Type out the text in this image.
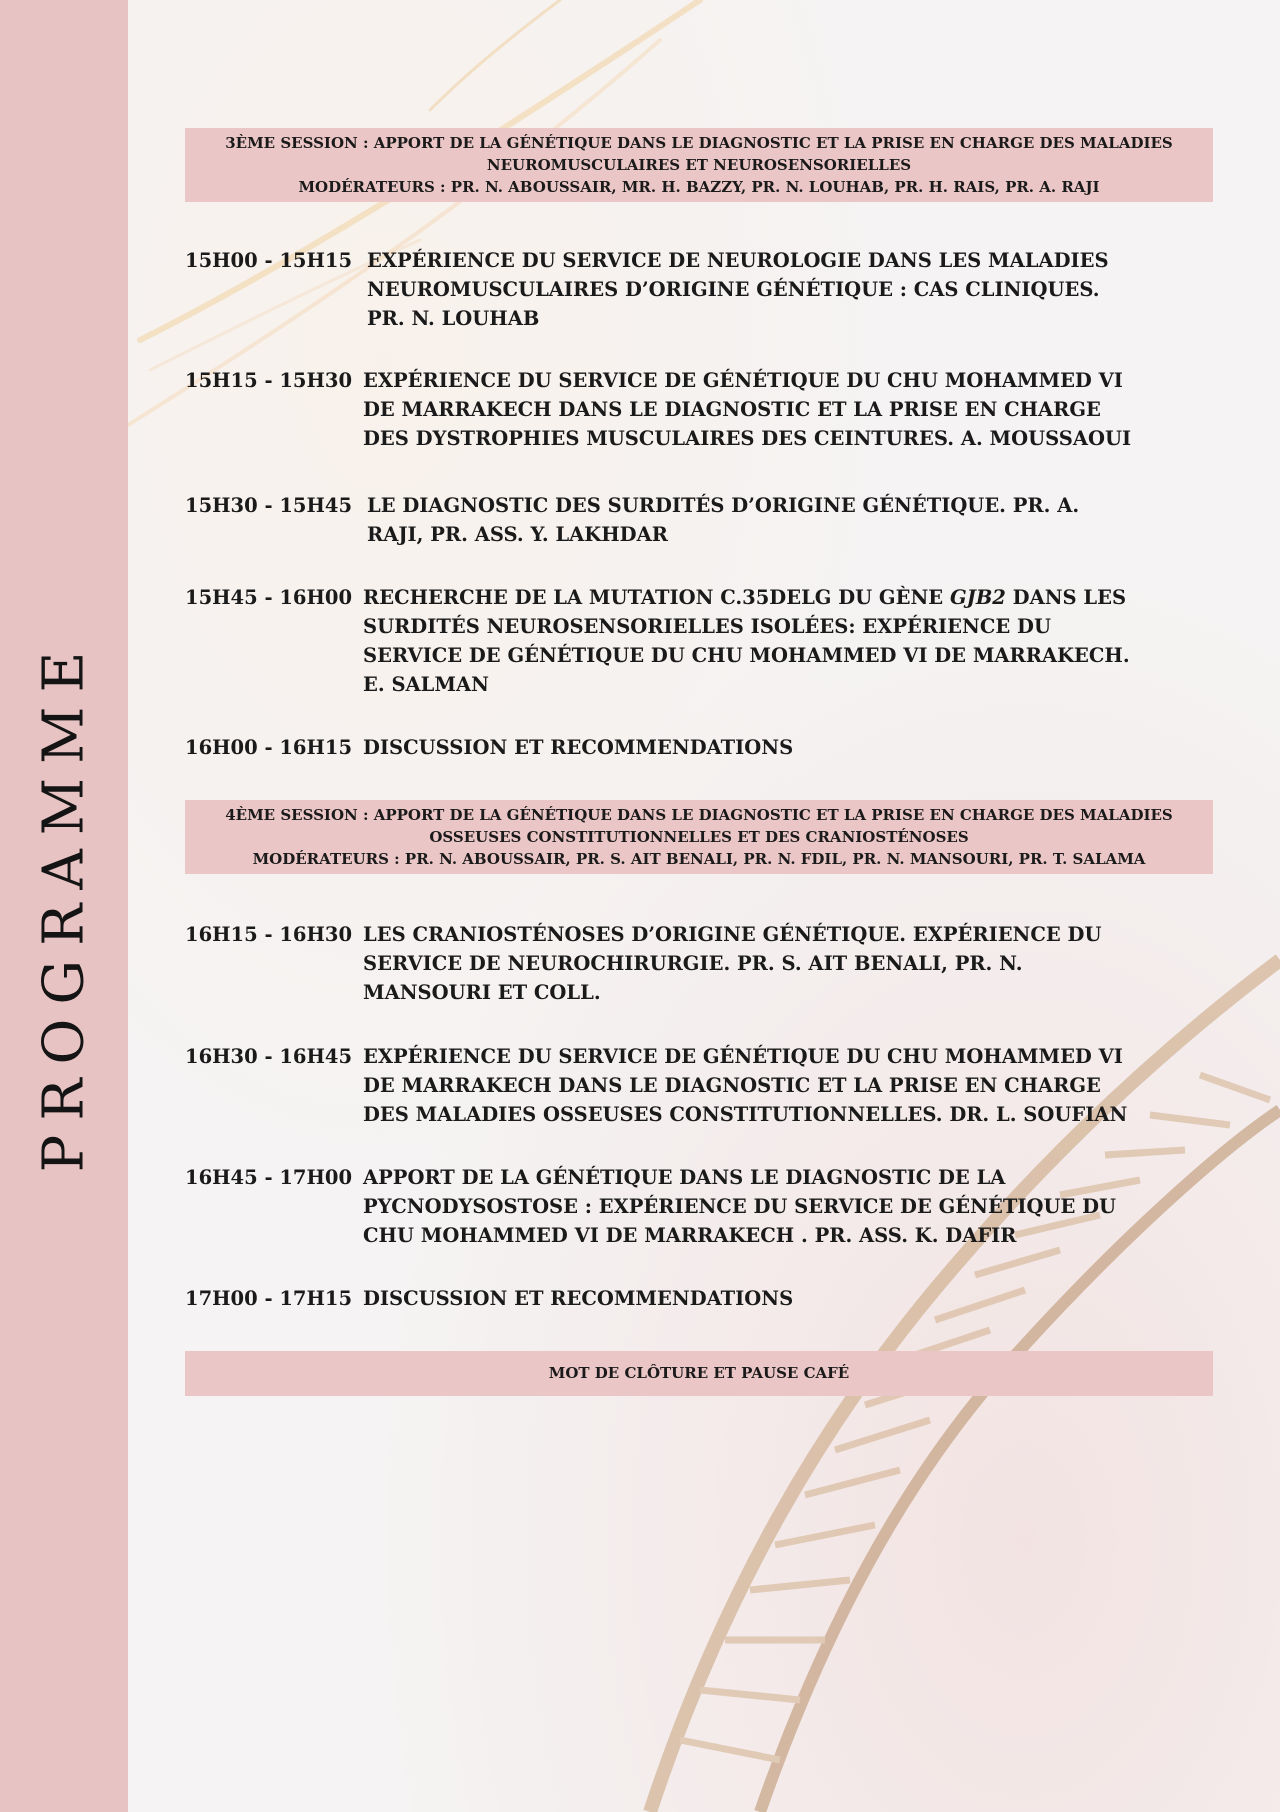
PROGRAMME
3ÈME SESSION : APPORT DE LA GÉNÉTIQUE DANS LE DIAGNOSTIC ET LA PRISE EN CHARGE DES MALADIES
NEUROMUSCULAIRES ET NEUROSENSORIELLES
MODÉRATEURS : PR. N. ABOUSSAIR, MR. H. BAZZY, PR. N. LOUHAB, PR. H. RAIS, PR. A. RAJI
15H00 - 15H15 EXPÉRIENCE DU SERVICE DE NEUROLOGIE DANS LES MALADIES
NEUROMUSCULAIRES D’ORIGINE GÉNÉTIQUE : CAS CLINIQUES.
PR. N. LOUHAB
15H15 - 15H30 EXPÉRIENCE DU SERVICE DE GÉNÉTIQUE DU CHU MOHAMMED VI
DE MARRAKECH DANS LE DIAGNOSTIC ET LA PRISE EN CHARGE
DES DYSTROPHIES MUSCULAIRES DES CEINTURES. A. MOUSSAOUI
15H30 - 15H45 LE DIAGNOSTIC DES SURDITÉS D’ORIGINE GÉNÉTIQUE. PR. A.
RAJI, PR. ASS. Y. LAKHDAR
15H45 - 16H00 RECHERCHE DE LA MUTATION C.35DELG DU GÈNE GJB2 DANS LES
SURDITÉS NEUROSENSORIELLES ISOLÉES: EXPÉRIENCE DU
SERVICE DE GÉNÉTIQUE DU CHU MOHAMMED VI DE MARRAKECH.
E. SALMAN
16H00 - 16H15 DISCUSSION ET RECOMMENDATIONS
4ÈME SESSION : APPORT DE LA GÉNÉTIQUE DANS LE DIAGNOSTIC ET LA PRISE EN CHARGE DES MALADIES
OSSEUSES CONSTITUTIONNELLES ET DES CRANIOSTÉNOSES
MODÉRATEURS : PR. N. ABOUSSAIR, PR. S. AIT BENALI, PR. N. FDIL, PR. N. MANSOURI, PR. T. SALAMA
16H15 - 16H30 LES CRANIOSTÉNOSES D’ORIGINE GÉNÉTIQUE. EXPÉRIENCE DU
SERVICE DE NEUROCHIRURGIE. PR. S. AIT BENALI, PR. N.
MANSOURI ET COLL.
16H30 - 16H45 EXPÉRIENCE DU SERVICE DE GÉNÉTIQUE DU CHU MOHAMMED VI
DE MARRAKECH DANS LE DIAGNOSTIC ET LA PRISE EN CHARGE
DES MALADIES OSSEUSES CONSTITUTIONNELLES. DR. L. SOUFIAN
16H45 - 17H00 APPORT DE LA GÉNÉTIQUE DANS LE DIAGNOSTIC DE LA
PYCNODYSOSTOSE : EXPÉRIENCE DU SERVICE DE GÉNÉTIQUE DU
CHU MOHAMMED VI DE MARRAKECH . PR. ASS. K. DAFIR
17H00 - 17H15 DISCUSSION ET RECOMMENDATIONS
MOT DE CLÔTURE ET PAUSE CAFÉ
